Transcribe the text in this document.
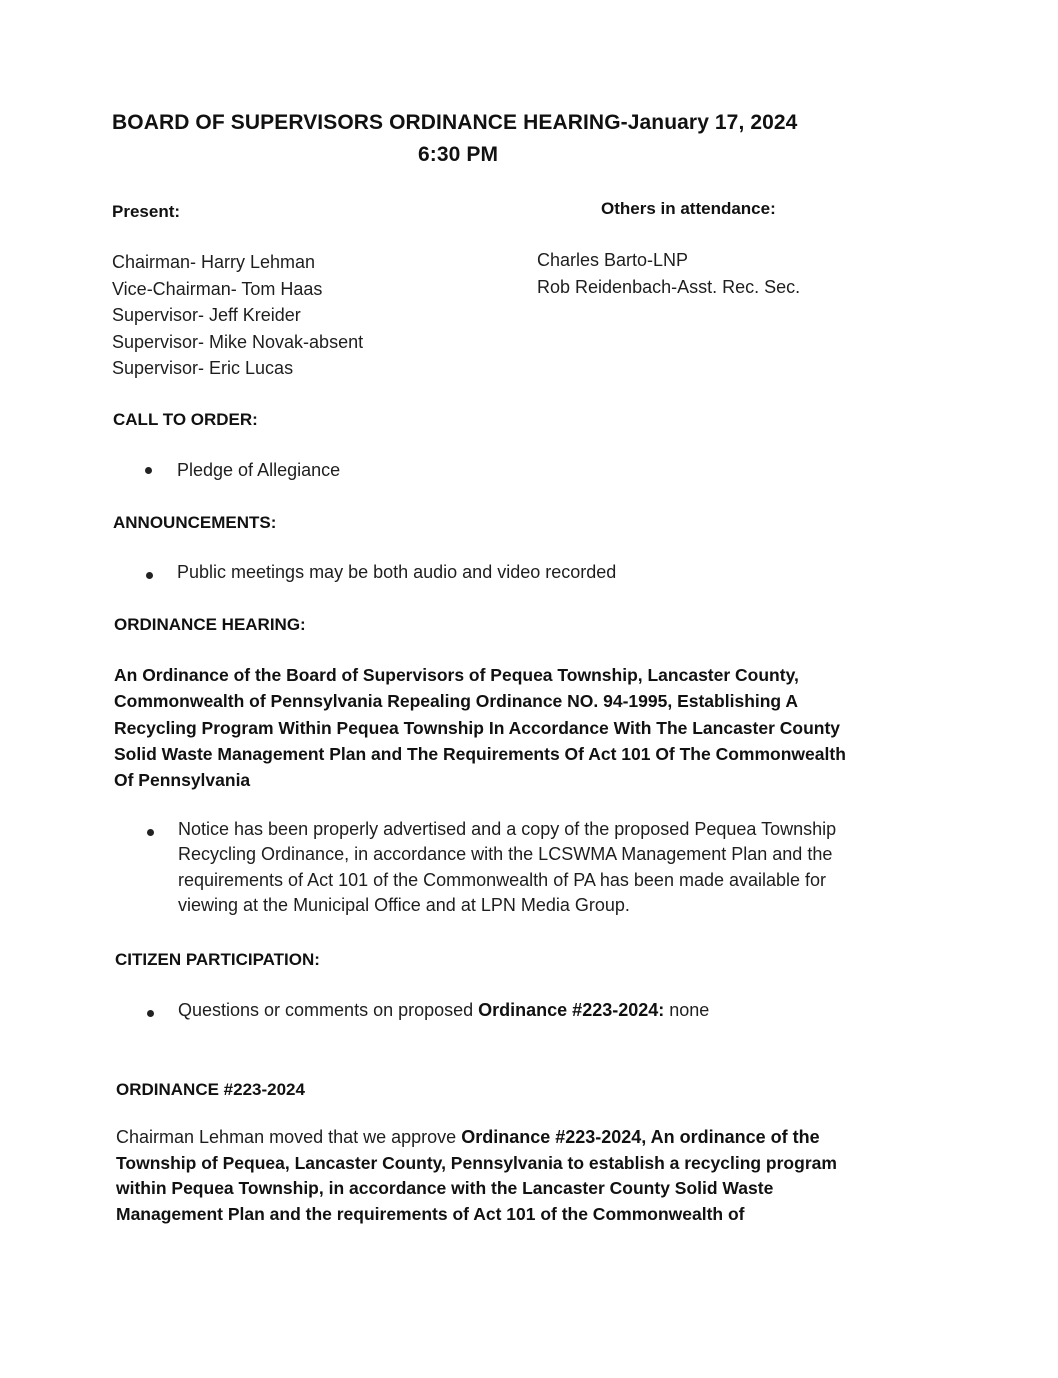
BOARD OF SUPERVISORS ORDINANCE HEARING-January 17, 2024
6:30 PM
Present:
Chairman- Harry Lehman
Vice-Chairman- Tom Haas
Supervisor- Jeff Kreider
Supervisor- Mike Novak-absent
Supervisor- Eric Lucas
Others in attendance:
Charles Barto-LNP
Rob Reidenbach-Asst. Rec. Sec.
CALL TO ORDER:
Pledge of Allegiance
ANNOUNCEMENTS:
Public meetings may be both audio and video recorded
ORDINANCE HEARING:
An Ordinance of the Board of Supervisors of Pequea Township, Lancaster County,
Commonwealth of Pennsylvania Repealing Ordinance NO. 94-1995, Establishing A
Recycling Program Within Pequea Township In Accordance With The Lancaster County
Solid Waste Management Plan and The Requirements Of Act 101 Of The Commonwealth
Of Pennsylvania
Notice has been properly advertised and a copy of the proposed Pequea Township
Recycling Ordinance, in accordance with the LCSWMA Management Plan and the
requirements of Act 101 of the Commonwealth of PA has been made available for
viewing at the Municipal Office and at LPN Media Group.
CITIZEN PARTICIPATION:
Questions or comments on proposed Ordinance #223-2024: none
ORDINANCE #223-2024
Chairman Lehman moved that we approve Ordinance #223-2024, An ordinance of the
Township of Pequea, Lancaster County, Pennsylvania to establish a recycling program
within Pequea Township, in accordance with the Lancaster County Solid Waste
Management Plan and the requirements of Act 101 of the Commonwealth of
